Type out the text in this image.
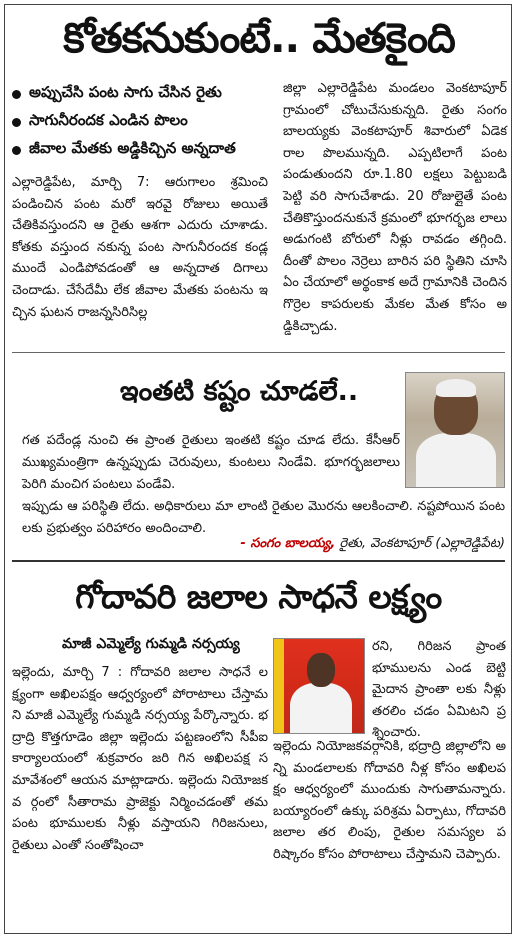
కోతకనుకుంటే.. మేతకైంది
అప్పుచేసి పంట సాగు చేసిన రైతు
సాగునీరందక ఎండిన పొలం
జీవాల మేతకు అడ్డికిచ్చిన అన్నదాత
ఎల్లారెడ్డిపేట, మార్చి 7: ఆరుగాలం శ్రమించి పండించిన పంట మరో ఇరవై రోజులు అయితే చేతికివస్తుందని ఆ రైతు ఆశగా ఎదురు చూశాడు. కోతకు వస్తుంద నకున్న పంట సాగునీరందక కండ్ల ముందే ఎండిపోవడంతో ఆ అన్నదాత దిగాలు చెందాడు. చేసేదేమీ లేక జీవాల మేతకు పంటను ఇచ్చిన ఘటన రాజన్నసిరిసిల్ల
జిల్లా ఎల్లారెడ్డిపేట మండలం వెంకటాపూర్ గ్రామంలో చోటుచేసుకున్నది. రైతు సంగం బాలయ్యకు వెంకటాపూర్ శివారులో ఏడెక రాల పొలమున్నది. ఎప్పటిలాగే పంట పండుతుందని రూ.1.80 లక్షలు పెట్టుబడి పెట్టి వరి సాగుచేశాడు. 20 రోజుల్లైతే పంట చేతికొస్తుందనుకునే క్రమంలో భూగర్భజ లాలు అడుగంటి బోరులో నీళ్లు రావడం తగ్గింది. దీంతో పొలం నెర్రెలు బారిన పరి స్థితిని చూసి ఏం చేయాలో అర్థంకాక అదే గ్రామానికి చెందిన గొర్రెల కాపరులకు మేకల మేత కోసం అడ్డికిచ్చాడు.
ఇంతటి కష్టం చూడలే..
గత పదేండ్ల నుంచి ఈ ప్రాంత రైతులు ఇంతటి కష్టం చూడ లేదు. కేసీఆర్ ముఖ్యమంత్రిగా ఉన్నప్పుడు చెరువులు, కుంటలు నిండేవి. భూగర్భజలాలు పెరిగి మంచిగ పంటలు పండేవి.
ఇప్పుడు ఆ పరిస్థితి లేదు. అధికారులు మా లాంటి రైతుల మొరను ఆలకించాలి. నష్టపోయిన పంటలకు ప్రభుత్వం పరిహారం అందించాలి.
- సంగం బాలయ్య, రైతు, వెంకటాపూర్ (ఎల్లారెడ్డిపేట)
గోదావరి జలాల సాధనే లక్ష్యం
మాజీ ఎమ్మెల్యే గుమ్మడి నర్సయ్య
ఇల్లెందు, మార్చి 7 : గోదావరి జలాల సాధనే లక్ష్యంగా అఖిలపక్షం ఆధ్వర్యంలో పోరాటాలు చేస్తామని మాజీ ఎమ్మెల్యే గుమ్మడి నర్సయ్య పేర్కొన్నారు. భద్రాద్రి కొత్తగూడెం జిల్లా ఇల్లెందు పట్టణంలోని సీపీఐ కార్యాలయంలో శుక్రవారం జరి గిన అఖిలపక్ష సమావేశంలో ఆయన మాట్లాడారు. ఇల్లెందు నియోజకవ ర్గంలో సీతారామ ప్రాజెక్టు నిర్మించడంతో తమ పంట భూములకు నీళ్లు వస్తాయని గిరిజనులు, రైతులు ఎంతో సంతోషించా
రని, గిరిజన ప్రాంత భూములను ఎండ బెట్టి మైదాన ప్రాంతా లకు నీళ్లు తరలిం చడం ఏమిటని ప్రశ్నించారు.
ఇల్లెందు నియోజకవర్గానికి, భద్రాద్రి జిల్లాలోని అన్ని మండలాలకు గోదావరి నీళ్ల కోసం అఖిలపక్షం ఆధ్వర్యంలో ముందుకు సాగుతామన్నారు. బయ్యారంలో ఉక్కు పరిశ్రమ ఏర్పాటు, గోదావరి జలాల తర లింపు, రైతుల సమస్యల పరిష్కారం కోసం పోరాటాలు చేస్తామని చెప్పారు.
